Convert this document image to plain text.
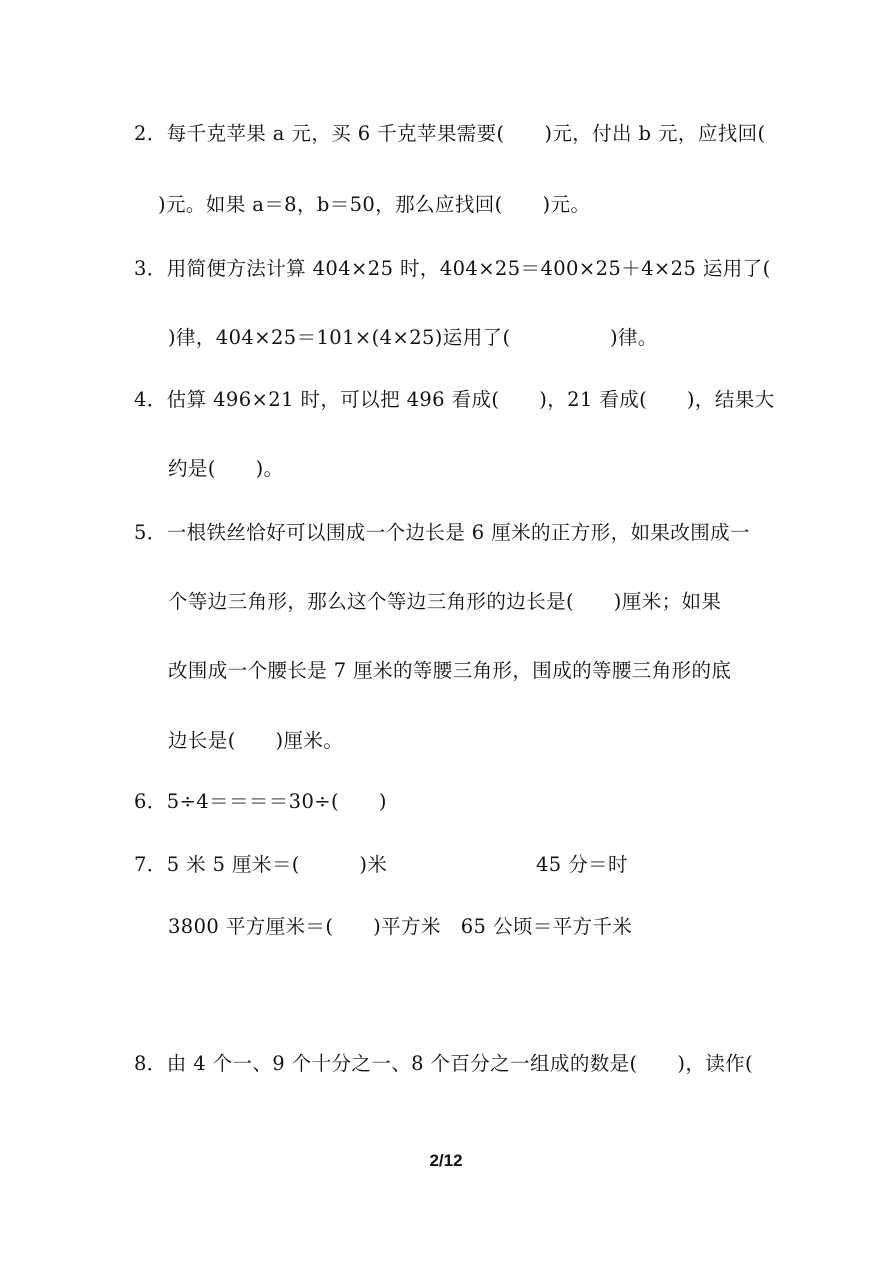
2．每千克苹果 a 元，买 6 千克苹果需要(　　)元，付出 b 元，应找回(
)元。如果 a＝8，b＝50，那么应找回(　　)元。
3．用简便方法计算 404×25 时，404×25＝400×25＋4×25 运用了(
)律，404×25＝101×(4×25)运用了(　　　　　)律。
4．估算 496×21 时，可以把 496 看成(　　)，21 看成(　　)，结果大
约是(　　)。
5．一根铁丝恰好可以围成一个边长是 6 厘米的正方形，如果改围成一
个等边三角形，那么这个等边三角形的边长是(　　)厘米；如果
改围成一个腰长是 7 厘米的等腰三角形，围成的等腰三角形的底
边长是(　　)厘米。
6．5÷4＝＝＝＝30÷(　　)
7．5 米 5 厘米＝(　　　)米	45 分＝时
3800 平方厘米＝(　　)平方米　65 公顷＝平方千米
8．由 4 个一、9 个十分之一、8 个百分之一组成的数是(　　)，读作(
2/12
